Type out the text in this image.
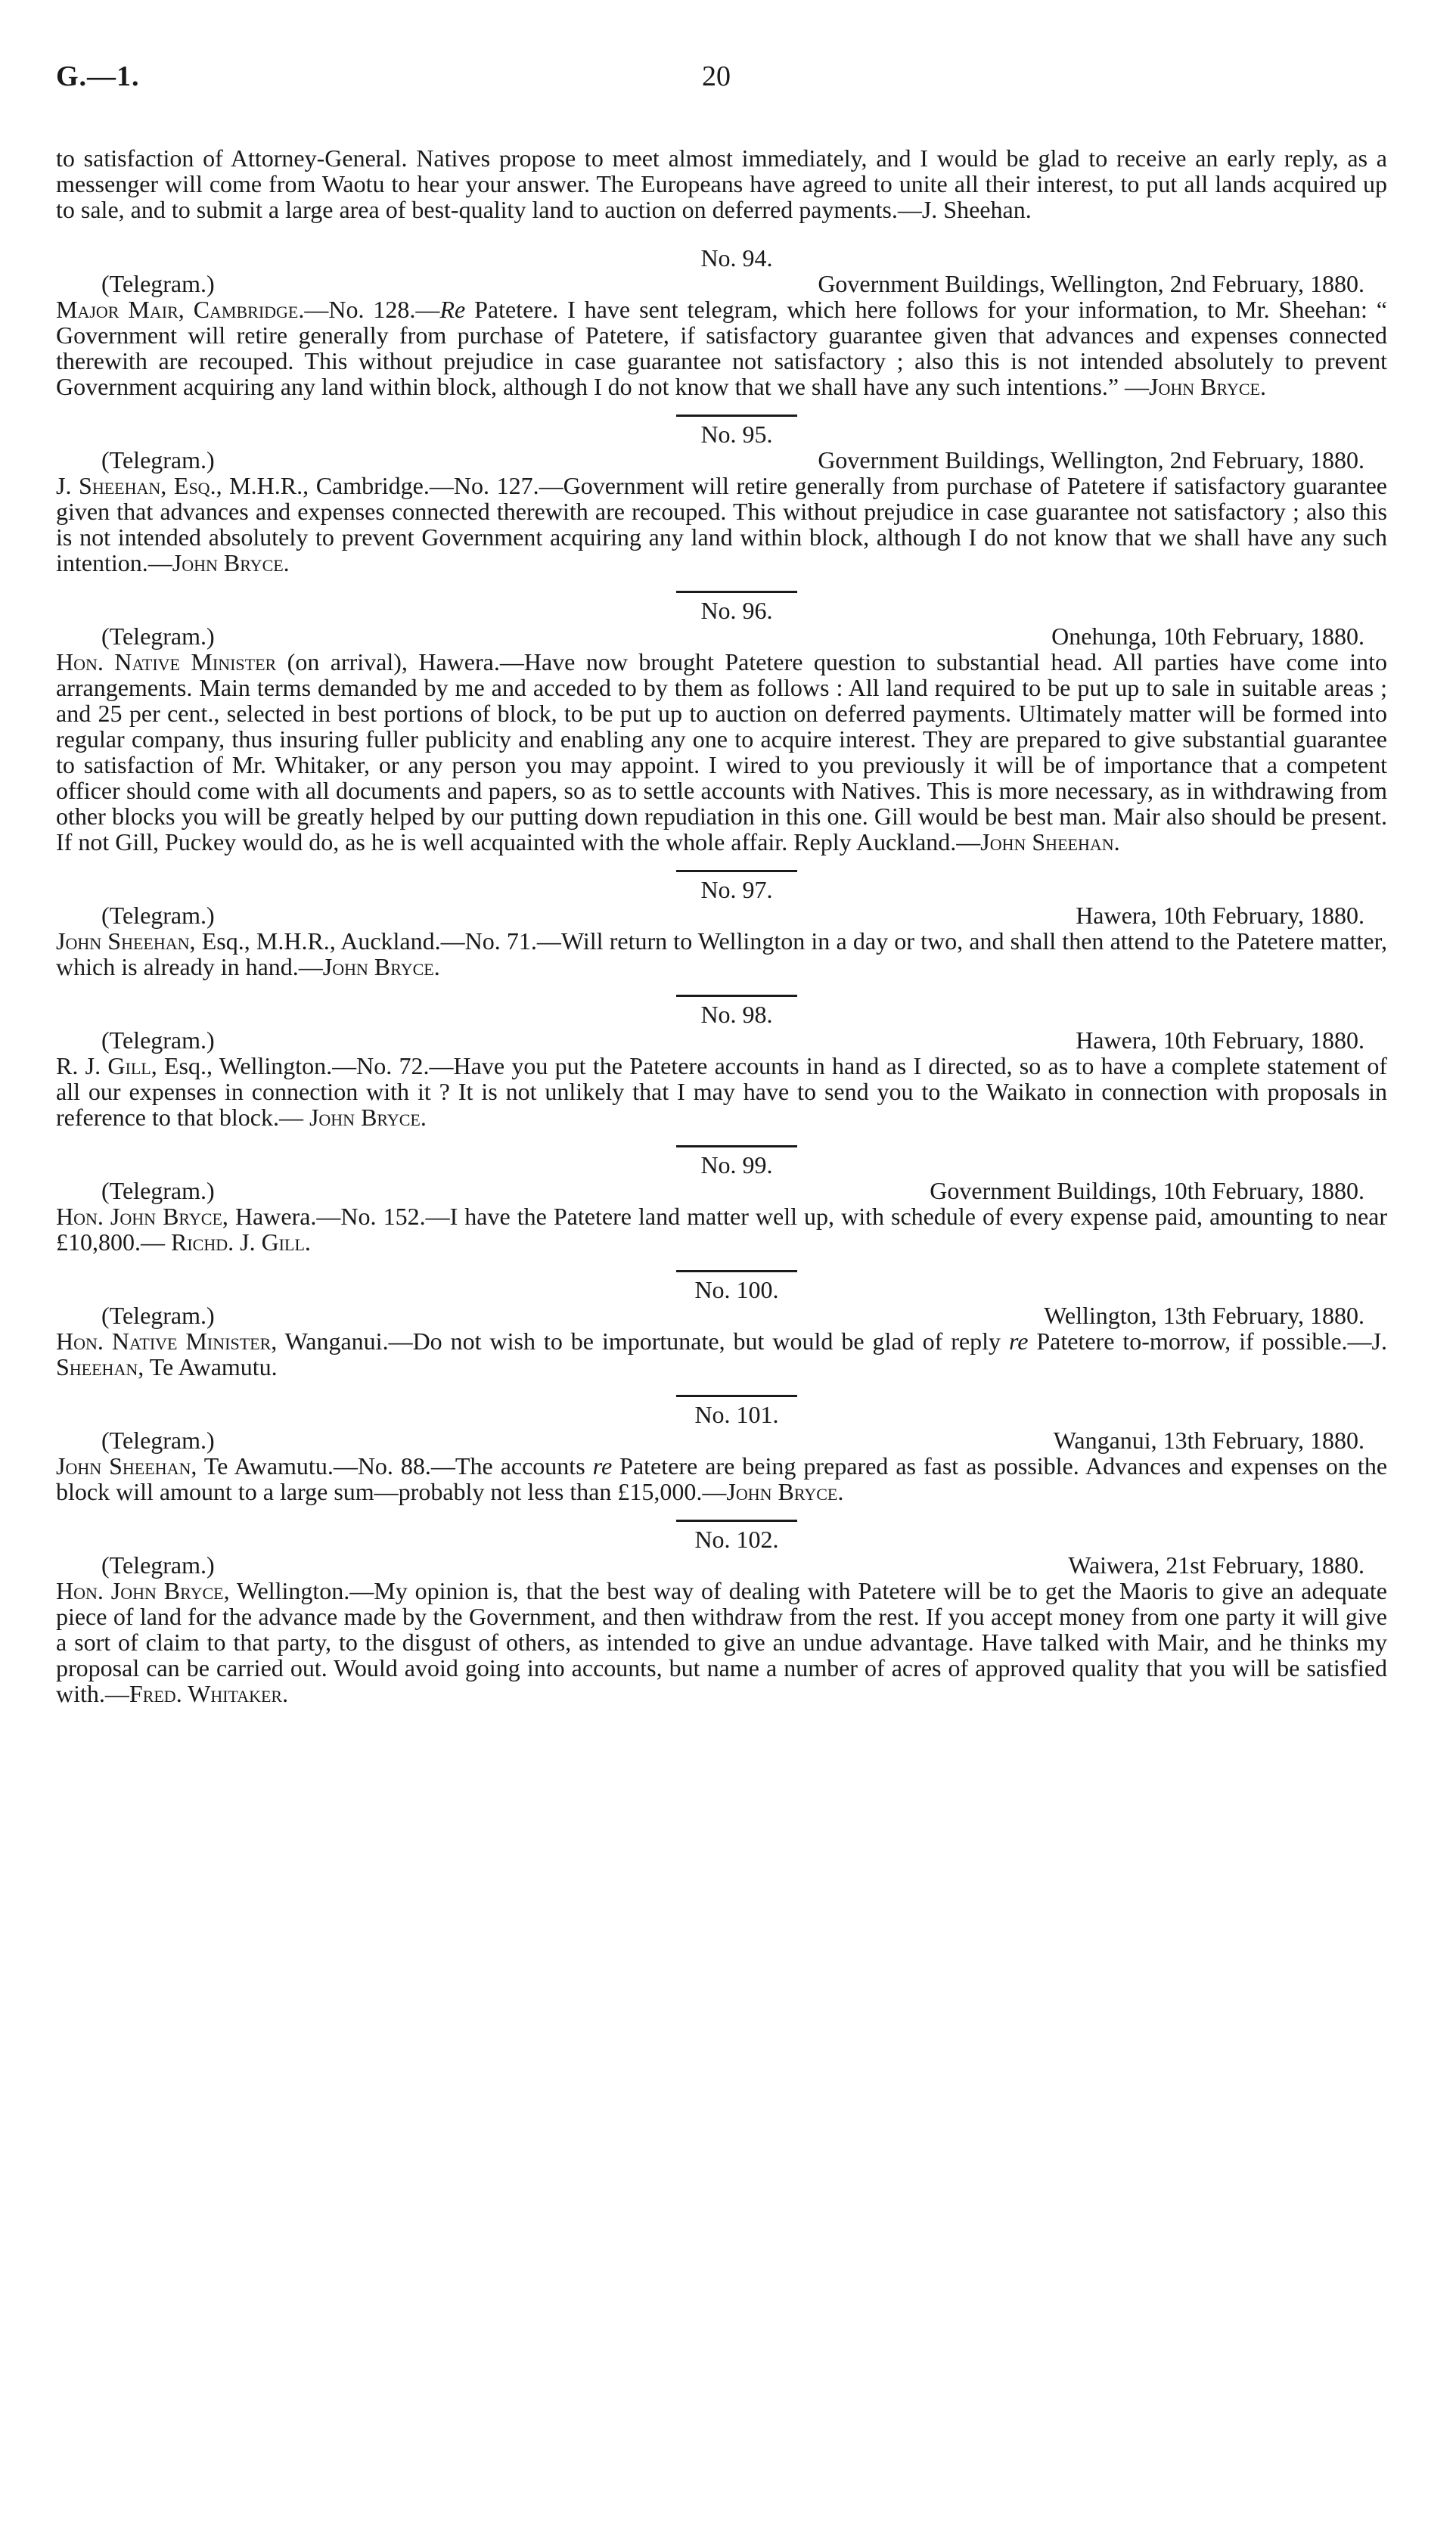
G.—1.	20

to satisfaction of Attorney-General. Natives propose to meet almost immediately, and I would be glad to receive an early reply, as a messenger will come from Waotu to hear your answer. The Europeans have agreed to unite all their interest, to put all lands acquired up to sale, and to submit a large area of best-quality land to auction on deferred payments.—J. Sheehan.

No. 94.

(Telegram.)	Government Buildings, Wellington, 2nd February, 1880.

Major Mair, Cambridge.—No. 128.—Re Patetere. I have sent telegram, which here follows for your information, to Mr. Sheehan: “ Government will retire generally from purchase of Patetere, if satisfactory guarantee given that advances and expenses connected therewith are recouped. This without prejudice in case guarantee not satisfactory ; also this is not intended absolutely to prevent Government acquiring any land within block, although I do not know that we shall have any such intentions.” —John Bryce.

No. 95.

(Telegram.)	Government Buildings, Wellington, 2nd February, 1880.

J. Sheehan, Esq., M.H.R., Cambridge.—No. 127.—Government will retire generally from purchase of Patetere if satisfactory guarantee given that advances and expenses connected therewith are recouped. This without prejudice in case guarantee not satisfactory ; also this is not intended absolutely to prevent Government acquiring any land within block, although I do not know that we shall have any such intention.—John Bryce.

No. 96.

(Telegram.)	Onehunga, 10th February, 1880.

Hon. Native Minister (on arrival), Hawera.—Have now brought Patetere question to substantial head. All parties have come into arrangements. Main terms demanded by me and acceded to by them as follows : All land required to be put up to sale in suitable areas ; and 25 per cent., selected in best portions of block, to be put up to auction on deferred payments. Ultimately matter will be formed into regular company, thus insuring fuller publicity and enabling any one to acquire interest. They are prepared to give substantial guarantee to satisfaction of Mr. Whitaker, or any person you may appoint. I wired to you previously it will be of importance that a competent officer should come with all documents and papers, so as to settle accounts with Natives. This is more necessary, as in withdrawing from other blocks you will be greatly helped by our putting down repudiation in this one. Gill would be best man. Mair also should be present. If not Gill, Puckey would do, as he is well acquainted with the whole affair. Reply Auckland.—John Sheehan.

No. 97.

(Telegram.)	Hawera, 10th February, 1880.

John Sheehan, Esq., M.H.R., Auckland.—No. 71.—Will return to Wellington in a day or two, and shall then attend to the Patetere matter, which is already in hand.—John Bryce.

No. 98.

(Telegram.)	Hawera, 10th February, 1880.

R. J. Gill, Esq., Wellington.—No. 72.—Have you put the Patetere accounts in hand as I directed, so as to have a complete statement of all our expenses in connection with it ? It is not unlikely that I may have to send you to the Waikato in connection with proposals in reference to that block.— John Bryce.

No. 99.

(Telegram.)	Government Buildings, 10th February, 1880.

Hon. John Bryce, Hawera.—No. 152.—I have the Patetere land matter well up, with schedule of every expense paid, amounting to near £10,800.— Richd. J. Gill.

No. 100.

(Telegram.)	Wellington, 13th February, 1880.

Hon. Native Minister, Wanganui.—Do not wish to be importunate, but would be glad of reply re Patetere to-morrow, if possible.—J. Sheehan, Te Awamutu.

No. 101.

(Telegram.)	Wanganui, 13th February, 1880.

John Sheehan, Te Awamutu.—No. 88.—The accounts re Patetere are being prepared as fast as possible. Advances and expenses on the block will amount to a large sum—probably not less than £15,000.—John Bryce.

No. 102.

(Telegram.)	Waiwera, 21st February, 1880.

Hon. John Bryce, Wellington.—My opinion is, that the best way of dealing with Patetere will be to get the Maoris to give an adequate piece of land for the advance made by the Government, and then withdraw from the rest. If you accept money from one party it will give a sort of claim to that party, to the disgust of others, as intended to give an undue advantage. Have talked with Mair, and he thinks my proposal can be carried out. Would avoid going into accounts, but name a number of acres of approved quality that you will be satisfied with.—Fred. Whitaker.
